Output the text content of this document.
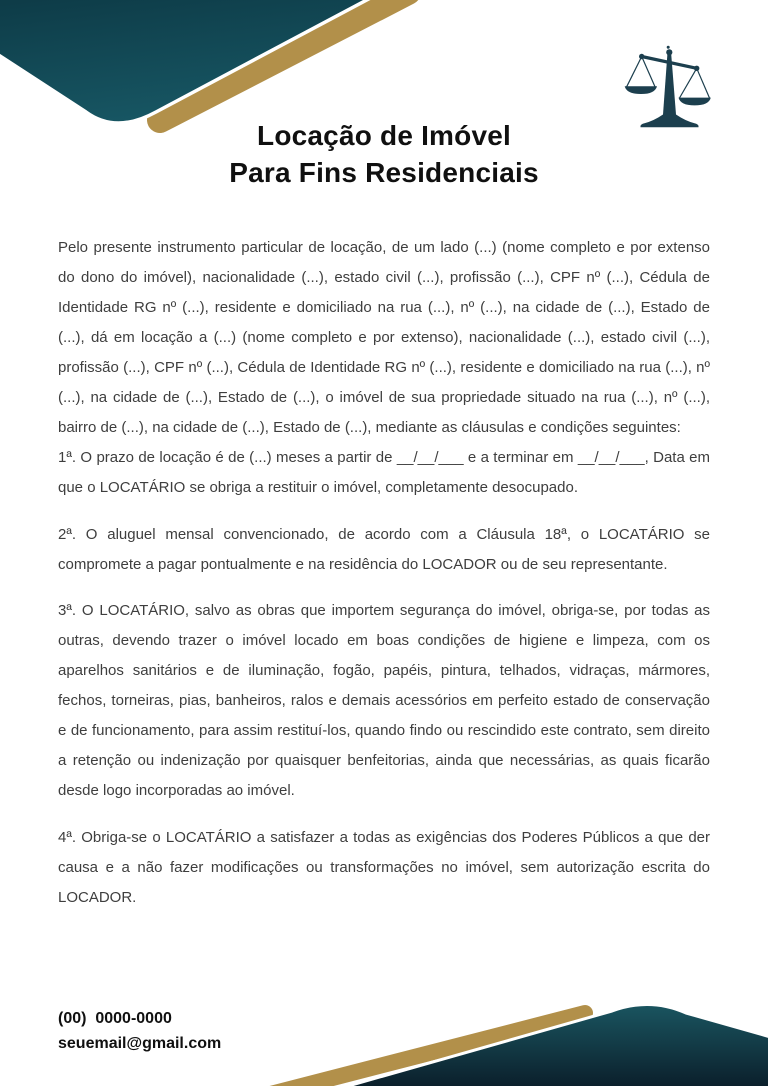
Locação de Imóvel
Para Fins Residenciais
Pelo presente instrumento particular de locação, de um lado (...) (nome completo e por extenso do dono do imóvel), nacionalidade (...), estado civil (...), profissão (...), CPF nº (...), Cédula de Identidade RG nº (...), residente e domiciliado na rua (...), nº (...), na cidade de (...), Estado de (...), dá em locação a (...) (nome completo e por extenso), nacionalidade (...), estado civil (...), profissão (...), CPF nº (...), Cédula de Identidade RG nº (...), residente e domiciliado na rua (...), nº (...), na cidade de (...), Estado de (...), o imóvel de sua propriedade situado na rua (...), nº (...), bairro de (...), na cidade de (...), Estado de (...), mediante as cláusulas e condições seguintes:
1ª. O prazo de locação é de (...) meses a partir de __/__/___ e a terminar em __/__/___, Data em que o LOCATÁRIO se obriga a restituir o imóvel, completamente desocupado.
2ª. O aluguel mensal convencionado, de acordo com a Cláusula 18ª, o LOCATÁRIO se compromete a pagar pontualmente e na residência do LOCADOR ou de seu representante.
3ª. O LOCATÁRIO, salvo as obras que importem segurança do imóvel, obriga-se, por todas as outras, devendo trazer o imóvel locado em boas condições de higiene e limpeza, com os aparelhos sanitários e de iluminação, fogão, papéis, pintura, telhados, vidraças, mármores, fechos, torneiras, pias, banheiros, ralos e demais acessórios em perfeito estado de conservação e de funcionamento, para assim restituí-los, quando findo ou rescindido este contrato, sem direito a retenção ou indenização por quaisquer benfeitorias, ainda que necessárias, as quais ficarão desde logo incorporadas ao imóvel.
4ª. Obriga-se o LOCATÁRIO a satisfazer a todas as exigências dos Poderes Públicos a que der causa e a não fazer modificações ou transformações no imóvel, sem autorização escrita do LOCADOR.
(00)  0000-0000
seuemail@gmail.com
